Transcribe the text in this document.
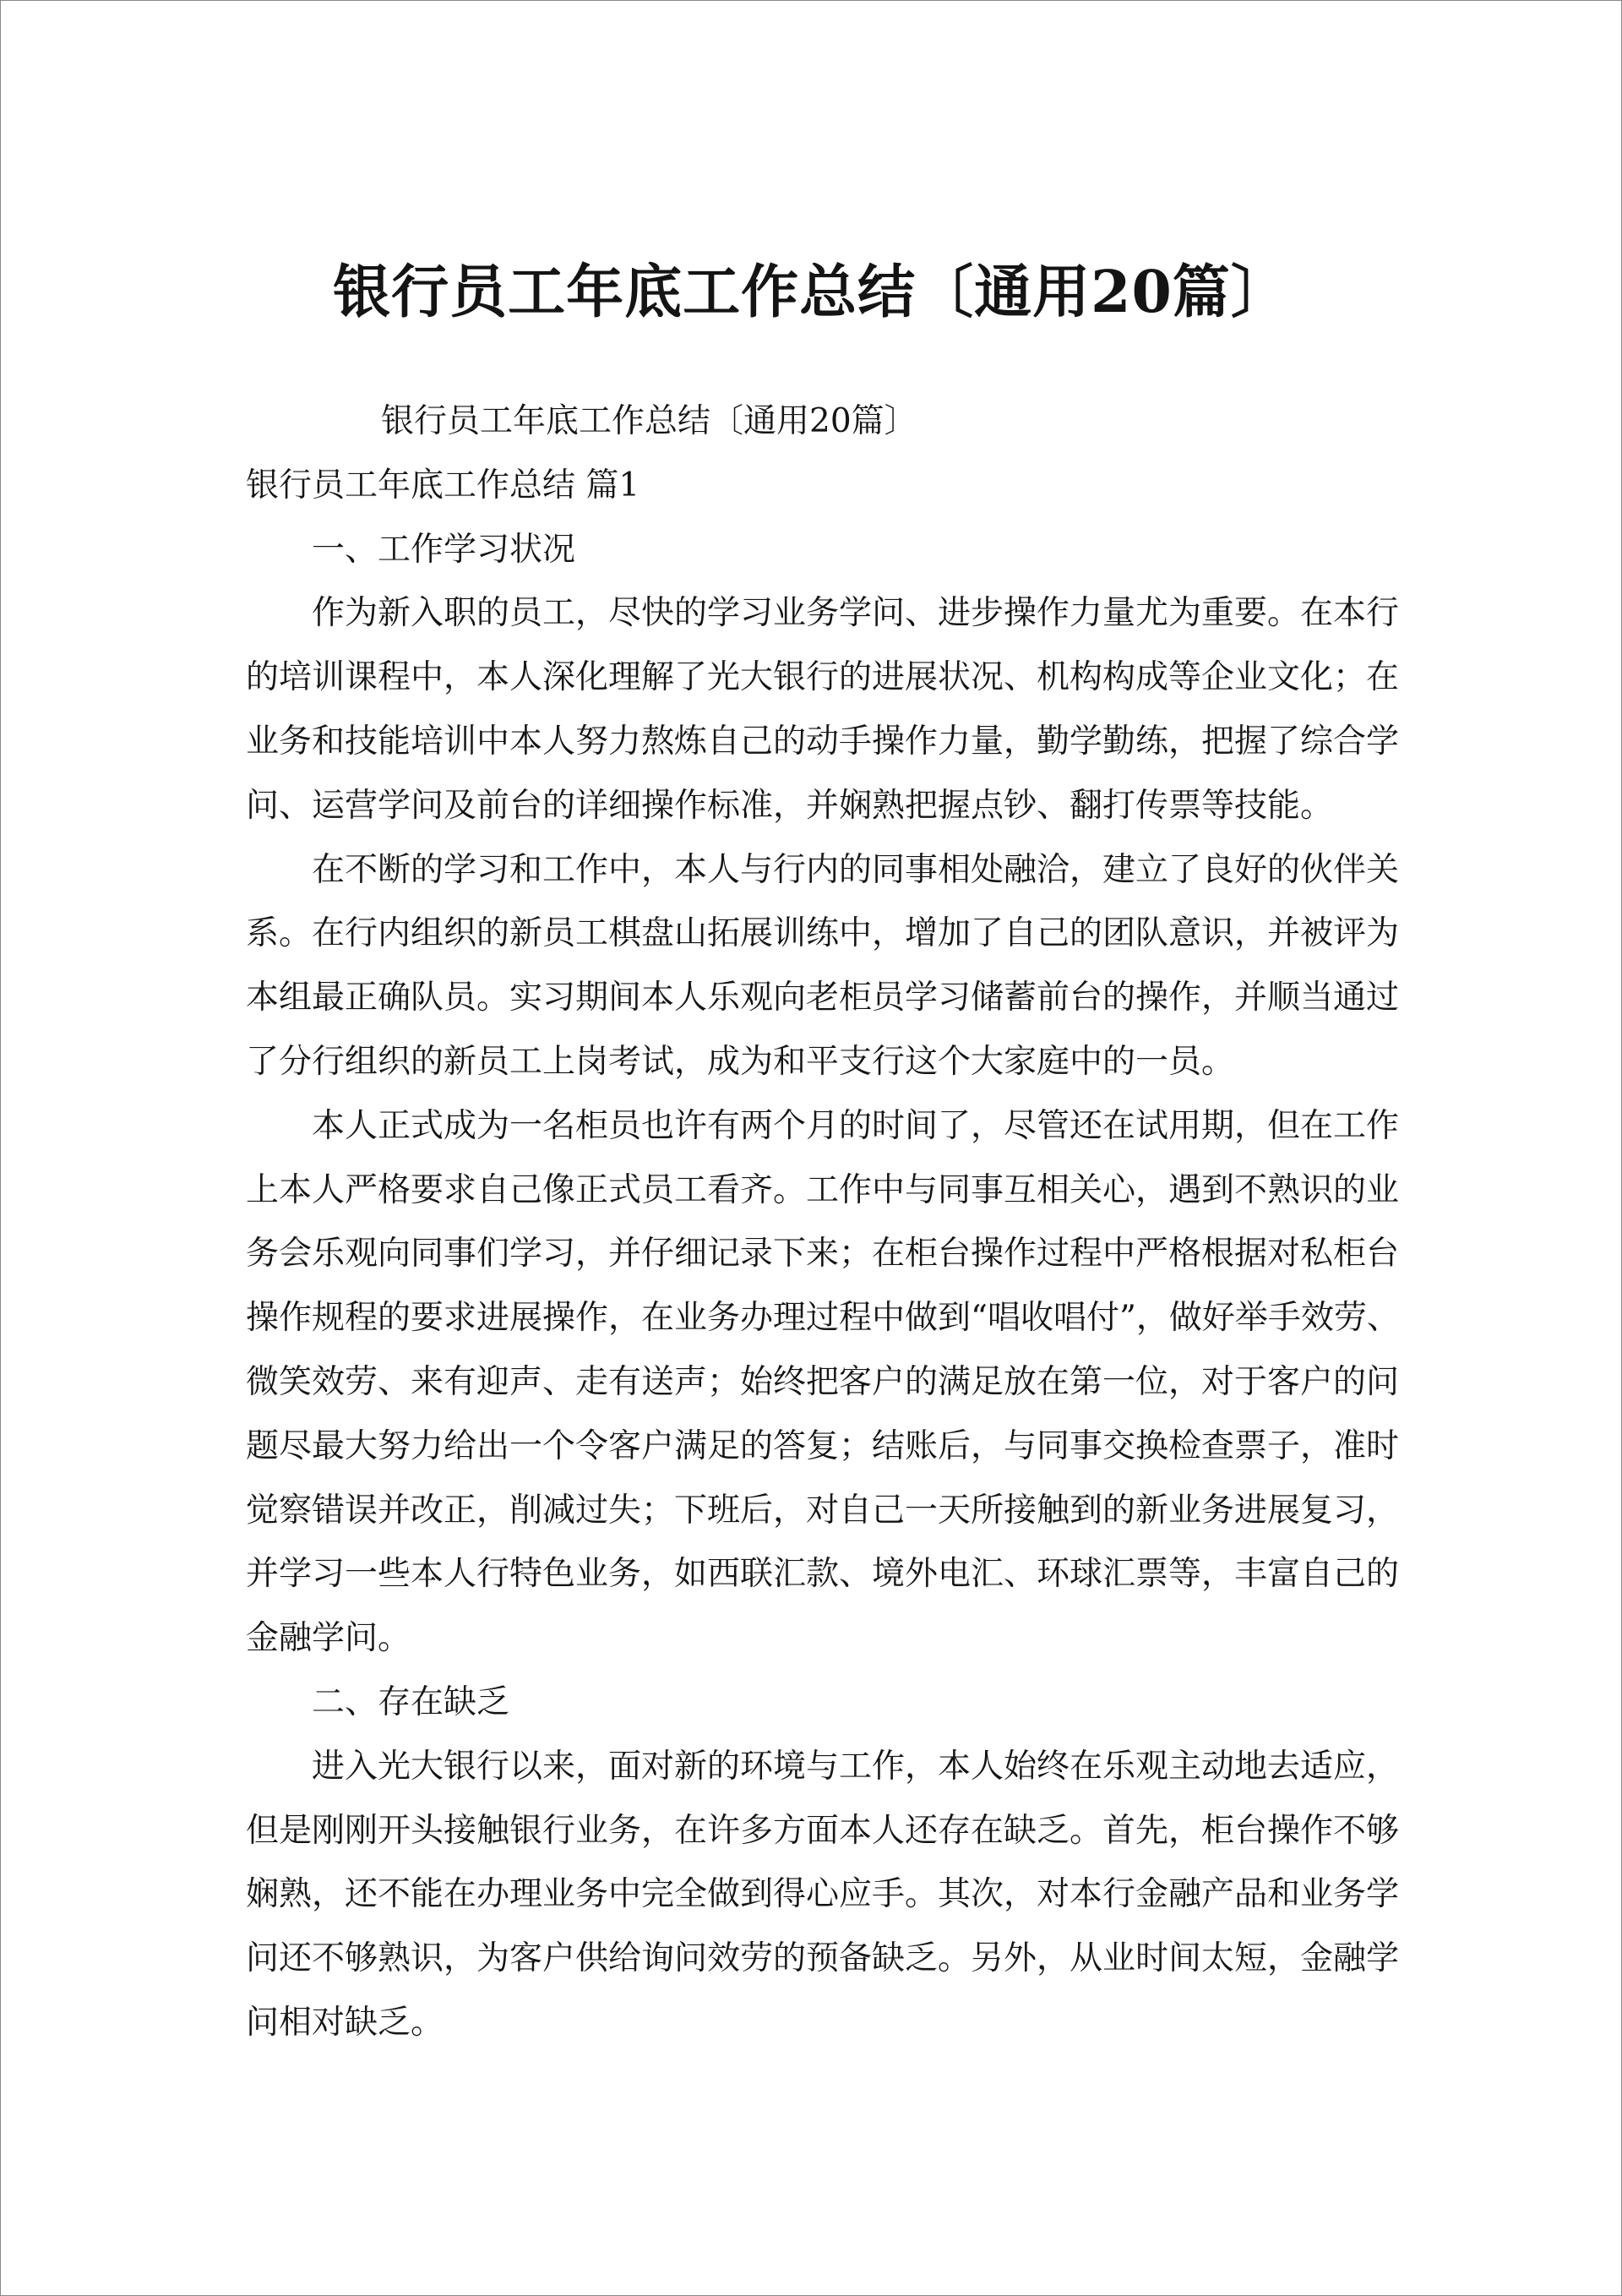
银行员工年底工作总结〔通用20篇〕
银行员工年底工作总结〔通用20篇〕
银行员工年底工作总结 篇1
一、工作学习状况
作为新入职的员工，尽快的学习业务学问、进步操作力量尤为重要。在本行
的培训课程中，本人深化理解了光大银行的进展状况、机构构成等企业文化；在
业务和技能培训中本人努力熬炼自己的动手操作力量，勤学勤练，把握了综合学
问、运营学问及前台的详细操作标准，并娴熟把握点钞、翻打传票等技能。
在不断的学习和工作中，本人与行内的同事相处融洽，建立了良好的伙伴关
系。在行内组织的新员工棋盘山拓展训练中，增加了自己的团队意识，并被评为
本组最正确队员。实习期间本人乐观向老柜员学习储蓄前台的操作，并顺当通过
了分行组织的新员工上岗考试，成为和平支行这个大家庭中的一员。
本人正式成为一名柜员也许有两个月的时间了，尽管还在试用期，但在工作
上本人严格要求自己像正式员工看齐。工作中与同事互相关心，遇到不熟识的业
务会乐观向同事们学习，并仔细记录下来；在柜台操作过程中严格根据对私柜台
操作规程的要求进展操作，在业务办理过程中做到“唱收唱付”，做好举手效劳、
微笑效劳、来有迎声、走有送声；始终把客户的满足放在第一位，对于客户的问
题尽最大努力给出一个令客户满足的答复；结账后，与同事交换检查票子，准时
觉察错误并改正，削减过失；下班后，对自己一天所接触到的新业务进展复习，
并学习一些本人行特色业务，如西联汇款、境外电汇、环球汇票等，丰富自己的
金融学问。
二、存在缺乏
进入光大银行以来，面对新的环境与工作，本人始终在乐观主动地去适应，
但是刚刚开头接触银行业务，在许多方面本人还存在缺乏。首先，柜台操作不够
娴熟，还不能在办理业务中完全做到得心应手。其次，对本行金融产品和业务学
问还不够熟识，为客户供给询问效劳的预备缺乏。另外，从业时间太短，金融学
问相对缺乏。
